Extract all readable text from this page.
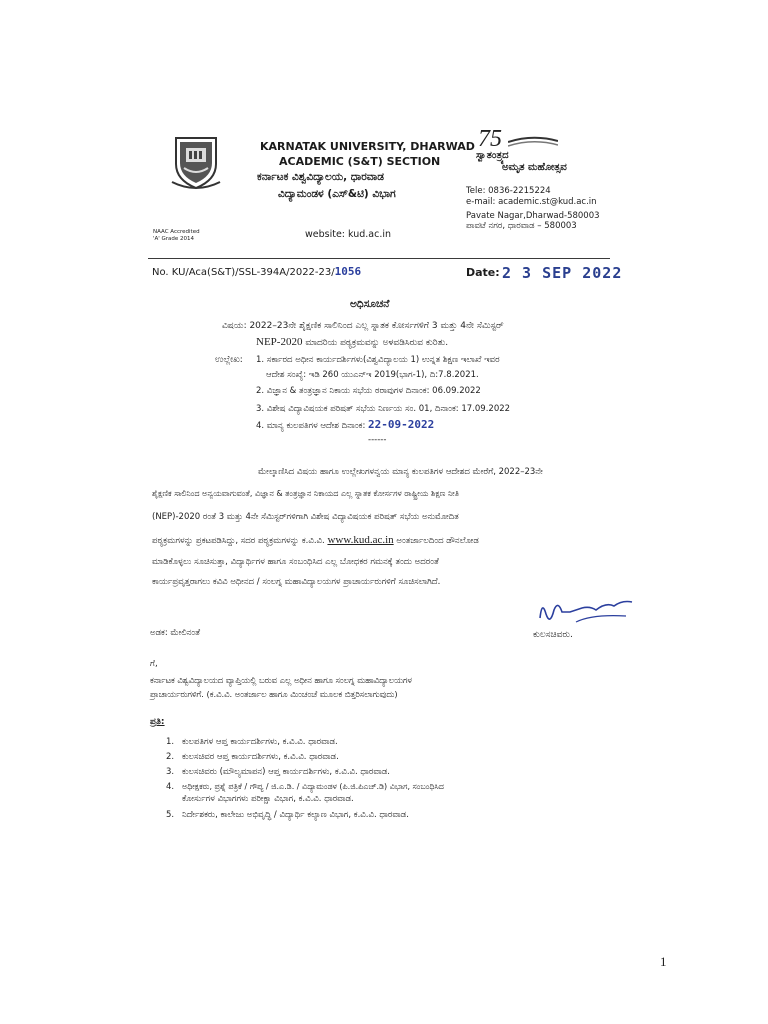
NAAC Accredited
'A' Grade 2014
KARNATAK UNIVERSITY, DHARWAD
ACADEMIC (S&T) SECTION
ಕರ್ನಾಟಕ ವಿಶ್ವವಿದ್ಯಾಲಯ, ಧಾರವಾಡ
ವಿದ್ಯಾಮಂಡಳ (ಎಸ್&ಟಿ) ವಿಭಾಗ
website: kud.ac.in
75
ಸ್ವಾತಂತ್ರ್ಯದ
ಅಮೃತ ಮಹೋತ್ಸವ
Tele: 0836-2215224
e-mail: academic.st@kud.ac.in
Pavate Nagar,Dharwad-580003
ಪಾವಟೆ ನಗರ, ಧಾರವಾಡ – 580003
No. KU/Aca(S&T)/SSL-394A/2022-23/1056	Date: 2 3 SEP 2022
ಅಧಿಸೂಚನೆ
ವಿಷಯ: 2022–23ನೇ ಶೈಕ್ಷಣಿಕ ಸಾಲಿನಿಂದ ಎಲ್ಲ ಸ್ನಾತಕ ಕೋರ್ಸಗಳಿಗೆ 3 ಮತ್ತು 4ನೇ ಸೆಮಿಸ್ಟರ್
NEP-2020 ಮಾದರಿಯ ಪಠ್ಯಕ್ರಮವನ್ನು ಅಳವಡಿಸಿರುವ ಕುರಿತು.
ಉಲ್ಲೇಖ: 1. ಸರ್ಕಾರದ ಅಧೀನ ಕಾರ್ಯದರ್ಶಿಗಳು(ವಿಶ್ವವಿದ್ಯಾಲಯ 1) ಉನ್ನತ ಶಿಕ್ಷಣ ಇಲಾಖೆ ಇವರ
ಆದೇಶ ಸಂಖ್ಯೆ: ಇಡಿ 260 ಯುಎನ್ಇ 2019(ಭಾಗ-1), ದಿ:7.8.2021.
2. ವಿಜ್ಞಾನ & ತಂತ್ರಜ್ಞಾನ ನಿಕಾಯ ಸಭೆಯ ಠರಾವುಗಳ ದಿನಾಂಕ: 06.09.2022
3. ವಿಶೇಷ ವಿದ್ಯಾವಿಷಯಕ ಪರಿಷತ್ ಸಭೆಯ ನಿರ್ಣಯ ಸಂ. 01, ದಿನಾಂಕ: 17.09.2022
4. ಮಾನ್ಯ ಕುಲಪತಿಗಳ ಆದೇಶ ದಿನಾಂಕ: 22-09-2022
------
ಮೇಲ್ಕಾಣಿಸಿದ ವಿಷಯ ಹಾಗೂ ಉಲ್ಲೇಖಗಳನ್ವಯ ಮಾನ್ಯ ಕುಲಪತಿಗಳ ಆದೇಶದ ಮೇರೆಗೆ, 2022–23ನೇ
ಶೈಕ್ಷಣಿಕ ಸಾಲಿನಿಂದ ಅನ್ವಯವಾಗುವಂತೆ, ವಿಜ್ಞಾನ & ತಂತ್ರಜ್ಞಾನ ನಿಕಾಯದ ಎಲ್ಲ ಸ್ನಾತಕ ಕೋರ್ಸಗಳ ರಾಷ್ಟ್ರೀಯ ಶಿಕ್ಷಣ ನೀತಿ
(NEP)-2020 ರಂತೆ 3 ಮತ್ತು 4ನೇ ಸೆಮಿಸ್ಟರ್‌ಗಳಿಗಾಗಿ ವಿಶೇಷ ವಿದ್ಯಾವಿಷಯಕ ಪರಿಷತ್ ಸಭೆಯ ಅನುಮೋದಿತ
ಪಠ್ಯಕ್ರಮಗಳನ್ನು ಪ್ರಕಟಪಡಿಸಿದ್ದು, ಸದರ ಪಠ್ಯಕ್ರಮಗಳನ್ನು ಕ.ವಿ.ವಿ. www.kud.ac.in ಅಂತರ್ಜಾಲದಿಂದ ಡೌನಲೋಡ
ಮಾಡಿಕೊಳ್ಳಲು ಸೂಚಿಸುತ್ತಾ, ವಿದ್ಯಾರ್ಥಿಗಳ ಹಾಗೂ ಸಂಬಂಧಿಸಿದ ಎಲ್ಲ ಬೋಧಕರ ಗಮನಕ್ಕೆ ತಂದು ಅದರಂತೆ
ಕಾರ್ಯಪ್ರವೃತ್ತರಾಗಲು ಕವಿವಿ ಅಧೀನದ / ಸಂಲಗ್ನ ಮಹಾವಿದ್ಯಾಲಯಗಳ ಪ್ರಾಚಾರ್ಯರುಗಳಿಗೆ ಸೂಚಿಸಲಾಗಿದೆ.
ಕುಲಸಚಿವರು.
ಅಡಕ: ಮೇಲಿನಂತೆ
ಗೆ,
ಕರ್ನಾಟಕ ವಿಶ್ವವಿದ್ಯಾಲಯದ ವ್ಯಾಪ್ತಿಯಲ್ಲಿ ಬರುವ ಎಲ್ಲ ಅಧೀನ ಹಾಗೂ ಸಂಲಗ್ನ ಮಹಾವಿದ್ಯಾಲಯಗಳ
ಪ್ರಾಚಾರ್ಯರುಗಳಿಗೆ. (ಕ.ವಿ.ವಿ. ಅಂತರ್ಜಾಲ ಹಾಗೂ ಮಿಂಚಂಚೆ ಮೂಲಕ ಬಿತ್ತರಿಸಲಾಗುವುದು)
ಪ್ರತಿ:
1. ಕುಲಪತಿಗಳ ಆಪ್ತ ಕಾರ್ಯದರ್ಶಿಗಳು, ಕ.ವಿ.ವಿ. ಧಾರವಾಡ.
2. ಕುಲಸಚಿವರ ಆಪ್ತ ಕಾರ್ಯದರ್ಶಿಗಳು, ಕ.ವಿ.ವಿ. ಧಾರವಾಡ.
3. ಕುಲಸಚಿವರು (ಮೌಲ್ಯಮಾಪನ) ಆಪ್ತ ಕಾರ್ಯದರ್ಶಿಗಳು, ಕ.ವಿ.ವಿ. ಧಾರವಾಡ.
4. ಅಧೀಕ್ಷಕರು, ಪ್ರಶ್ನೆ ಪತ್ರಿಕೆ / ಗೌಪ್ಯ / ಜಿ.ಎ.ಡಿ. / ವಿದ್ಯಾಮಂಡಳ (ಪಿ.ಜಿ.ಪಿಎಚ್.ಡಿ) ವಿಭಾಗ, ಸಂಬಂಧಿಸಿದ
ಕೋರ್ಸುಗಳ ವಿಭಾಗಗಳು ಪರೀಕ್ಷಾ ವಿಭಾಗ, ಕ.ವಿ.ವಿ. ಧಾರವಾಡ.
5. ನಿರ್ದೇಶಕರು, ಕಾಲೇಜು ಅಭಿವೃದ್ಧಿ / ವಿದ್ಯಾರ್ಥಿ ಕಲ್ಯಾಣ ವಿಭಾಗ, ಕ.ವಿ.ವಿ. ಧಾರವಾಡ.
1
